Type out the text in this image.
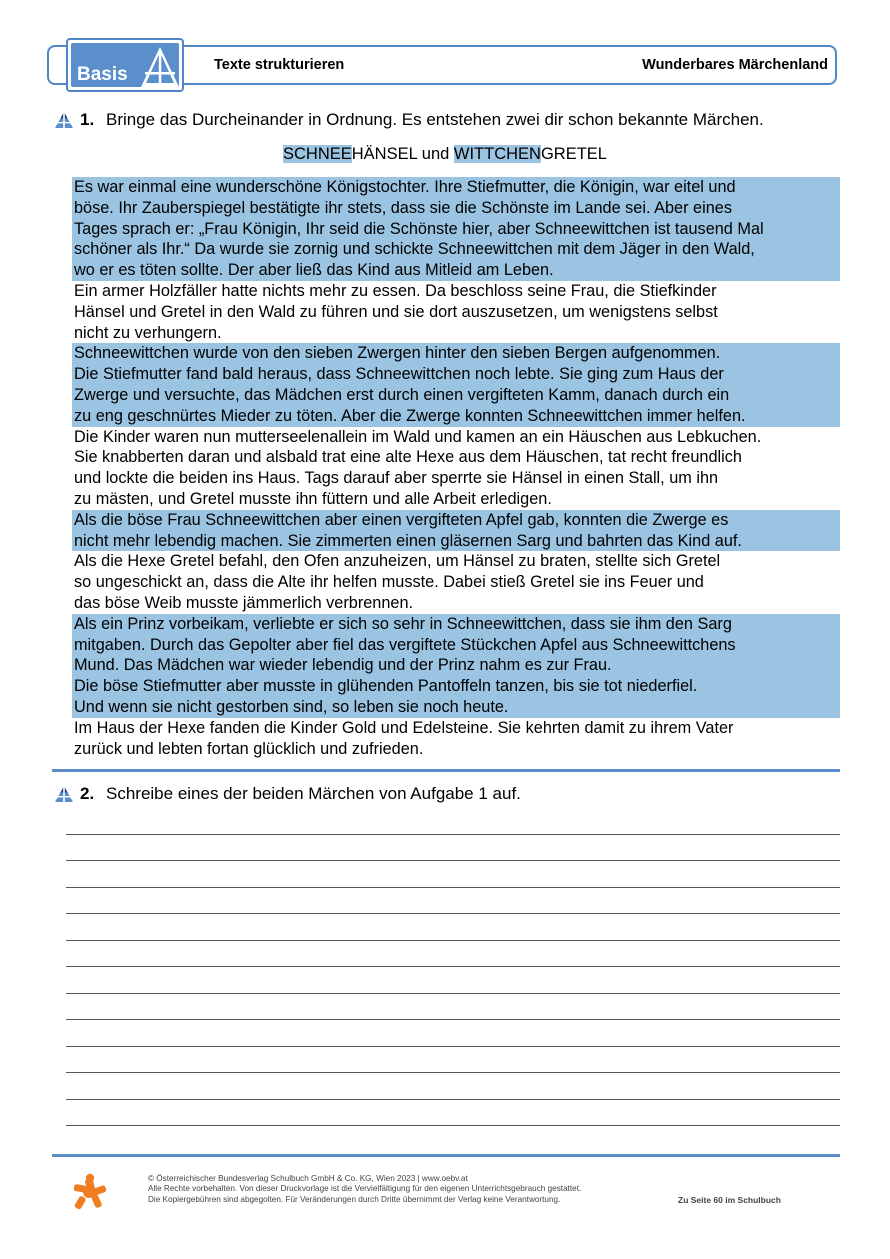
Basis	Texte strukturieren	Wunderbares Märchenland
1. Bringe das Durcheinander in Ordnung. Es entstehen zwei dir schon bekannte Märchen.
SCHNEEHÄNSEL und WITTCHENGRETEL
Es war einmal eine wunderschöne Königstochter. Ihre Stiefmutter, die Königin, war eitel und
böse. Ihr Zauberspiegel bestätigte ihr stets, dass sie die Schönste im Lande sei. Aber eines
Tages sprach er: „Frau Königin, Ihr seid die Schönste hier, aber Schneewittchen ist tausend Mal
schöner als Ihr.“ Da wurde sie zornig und schickte Schneewittchen mit dem Jäger in den Wald,
wo er es töten sollte. Der aber ließ das Kind aus Mitleid am Leben.
Ein armer Holzfäller hatte nichts mehr zu essen. Da beschloss seine Frau, die Stiefkinder
Hänsel und Gretel in den Wald zu führen und sie dort auszusetzen, um wenigstens selbst
nicht zu verhungern.
Schneewittchen wurde von den sieben Zwergen hinter den sieben Bergen aufgenommen.
Die Stiefmutter fand bald heraus, dass Schneewittchen noch lebte. Sie ging zum Haus der
Zwerge und versuchte, das Mädchen erst durch einen vergifteten Kamm, danach durch ein
zu eng geschnürtes Mieder zu töten. Aber die Zwerge konnten Schneewittchen immer helfen.
Die Kinder waren nun mutterseelenallein im Wald und kamen an ein Häuschen aus Lebkuchen.
Sie knabberten daran und alsbald trat eine alte Hexe aus dem Häuschen, tat recht freundlich
und lockte die beiden ins Haus. Tags darauf aber sperrte sie Hänsel in einen Stall, um ihn
zu mästen, und Gretel musste ihn füttern und alle Arbeit erledigen.
Als die böse Frau Schneewittchen aber einen vergifteten Apfel gab, konnten die Zwerge es
nicht mehr lebendig machen. Sie zimmerten einen gläsernen Sarg und bahrten das Kind auf.
Als die Hexe Gretel befahl, den Ofen anzuheizen, um Hänsel zu braten, stellte sich Gretel
so ungeschickt an, dass die Alte ihr helfen musste. Dabei stieß Gretel sie ins Feuer und
das böse Weib musste jämmerlich verbrennen.
Als ein Prinz vorbeikam, verliebte er sich so sehr in Schneewittchen, dass sie ihm den Sarg
mitgaben. Durch das Gepolter aber fiel das vergiftete Stückchen Apfel aus Schneewittchens
Mund. Das Mädchen war wieder lebendig und der Prinz nahm es zur Frau.
Die böse Stiefmutter aber musste in glühenden Pantoffeln tanzen, bis sie tot niederfiel.
Und wenn sie nicht gestorben sind, so leben sie noch heute.
Im Haus der Hexe fanden die Kinder Gold und Edelsteine. Sie kehrten damit zu ihrem Vater
zurück und lebten fortan glücklich und zufrieden.
2. Schreibe eines der beiden Märchen von Aufgabe 1 auf.
© Österreichischer Bundesverlag Schulbuch GmbH & Co. KG, Wien 2023 | www.oebv.at
Alle Rechte vorbehalten. Von dieser Druckvorlage ist die Vervielfältigung für den eigenen Unterrichtsgebrauch gestattet.
Die Kopiergebühren sind abgegolten. Für Veränderungen durch Dritte übernimmt der Verlag keine Verantwortung.	Zu Seite 60 im Schulbuch
